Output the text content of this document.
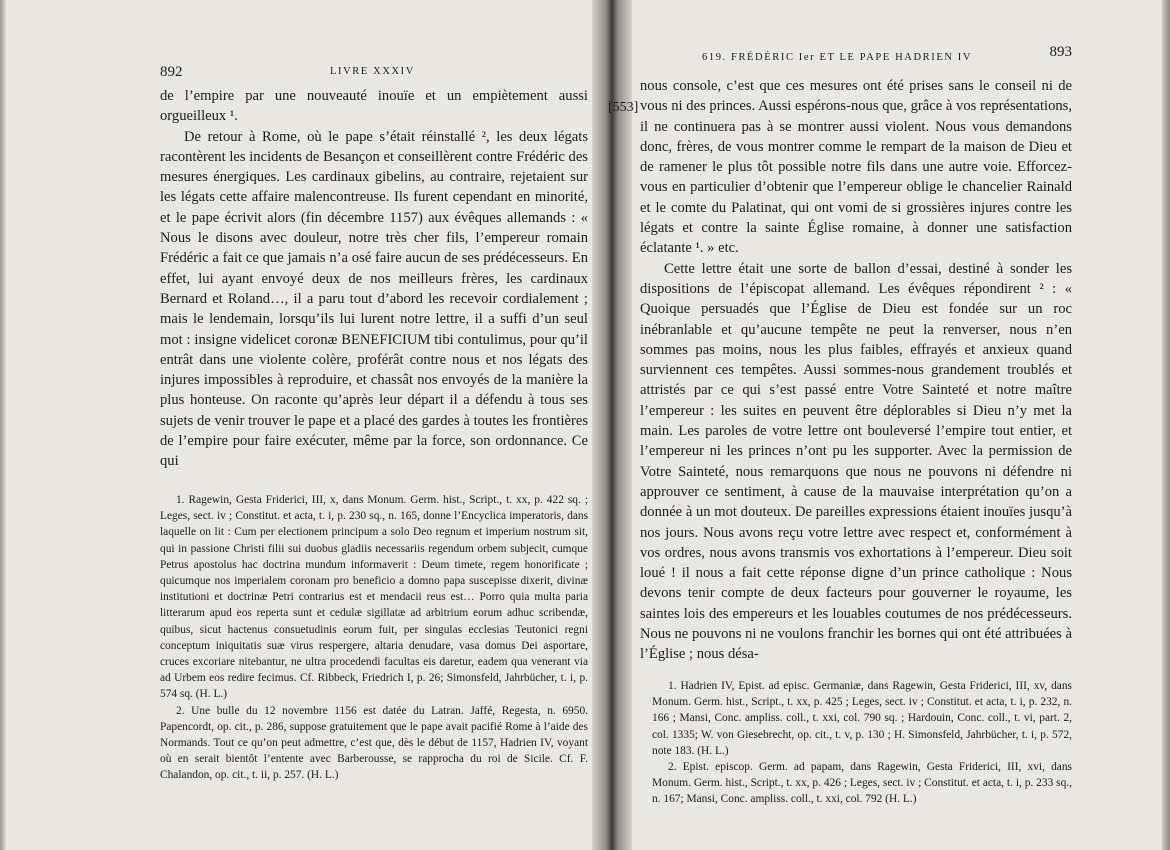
892	LIVRE XXXIV

de l’empire par une nouveauté inouïe et un empiètement aussi orgueilleux ¹.

De retour à Rome, où le pape s’était réinstallé ², les deux légats racontèrent les incidents de Besançon et conseillèrent contre Frédéric des mesures énergiques. Les cardinaux gibelins, au contraire, rejetaient sur les légats cette affaire malencontreuse. Ils furent cependant en minorité, et le pape écrivit alors (fin décembre 1157) aux évêques allemands : « Nous le disons avec douleur, notre très cher fils, l’empereur romain Frédéric a fait ce que jamais n’a osé faire aucun de ses prédécesseurs. En effet, lui ayant envoyé deux de nos meilleurs frères, les cardinaux Bernard et Roland…, il a paru tout d’abord les recevoir cordialement ; mais le lendemain, lorsqu’ils lui lurent notre lettre, il a suffi d’un seul mot : insigne videlicet coronæ BENEFICIUM tibi contulimus, pour qu’il entrât dans une violente colère, proférât contre nous et nos légats des injures impossibles à reproduire, et chassât nos envoyés de la manière la plus honteuse. On raconte qu’après leur départ il a défendu à tous ses sujets de venir trouver le pape et a placé des gardes à toutes les frontières de l’empire pour faire exécuter, même par la force, son ordonnance. Ce qui

1. Ragewin, Gesta Friderici, III, x, dans Monum. Germ. hist., Script., t. xx, p. 422 sq. ; Leges, sect. iv ; Constitut. et acta, t. i, p. 230 sq., n. 165, donne l’Encyclica imperatoris, dans laquelle on lit : Cum per electionem principum a solo Deo regnum et imperium nostrum sit, qui in passione Christi filii sui duobus gladiis necessariis regendum orbem subjecit, cumque Petrus apostolus hac doctrina mundum informaverit : Deum timete, regem honorificate ; quicumque nos imperialem coronam pro beneficio a domno papa suscepisse dixerit, divinæ institutioni et doctrinæ Petri contrarius est et mendacii reus est… Porro quia multa paria litterarum apud eos reperta sunt et cedulæ sigillatæ ad arbitrium eorum adhuc scribendæ, quibus, sicut hactenus consuetudinis eorum fuit, per singulas ecclesias Teutonici regni conceptum iniquitatis suæ virus respergere, altaria denudare, vasa domus Dei asportare, cruces excoriare nitebantur, ne ultra procedendi facultas eis daretur, eadem qua venerant via ad Urbem eos redire fecimus. Cf. Ribbeck, Friedrich I, p. 26; Simonsfeld, Jahrbücher, t. i, p. 574 sq. (H. L.)

2. Une bulle du 12 novembre 1156 est datée du Latran. Jaffé, Regesta, n. 6950. Papencordt, op. cit., p. 286, suppose gratuitement que le pape avait pacifié Rome à l’aide des Normands. Tout ce qu’on peut admettre, c’est que, dès le début de 1157, Hadrien IV, voyant où en serait bientôt l’entente avec Barberousse, se rapprocha du roi de Sicile. Cf. F. Chalandon, op. cit., t. ii, p. 257. (H. L.)

619. FRÉDÉRIC Ier ET LE PAPE HADRIEN IV	893
[553]

nous console, c’est que ces mesures ont été prises sans le conseil ni de vous ni des princes. Aussi espérons-nous que, grâce à vos représentations, il ne continuera pas à se montrer aussi violent. Nous vous demandons donc, frères, de vous montrer comme le rempart de la maison de Dieu et de ramener le plus tôt possible notre fils dans une autre voie. Efforcez-vous en particulier d’obtenir que l’empereur oblige le chancelier Rainald et le comte du Palatinat, qui ont vomi de si grossières injures contre les légats et contre la sainte Église romaine, à donner une satisfaction éclatante ¹. » etc.

Cette lettre était une sorte de ballon d’essai, destiné à sonder les dispositions de l’épiscopat allemand. Les évêques répondirent ² : « Quoique persuadés que l’Église de Dieu est fondée sur un roc inébranlable et qu’aucune tempête ne peut la renverser, nous n’en sommes pas moins, nous les plus faibles, effrayés et anxieux quand surviennent ces tempêtes. Aussi sommes-nous grandement troublés et attristés par ce qui s’est passé entre Votre Sainteté et notre maître l’empereur : les suites en peuvent être déplorables si Dieu n’y met la main. Les paroles de votre lettre ont bouleversé l’empire tout entier, et l’empereur ni les princes n’ont pu les supporter. Avec la permission de Votre Sainteté, nous remarquons que nous ne pouvons ni défendre ni approuver ce sentiment, à cause de la mauvaise interprétation qu’on a donnée à un mot douteux. De pareilles expressions étaient inouïes jusqu’à nos jours. Nous avons reçu votre lettre avec respect et, conformément à vos ordres, nous avons transmis vos exhortations à l’empereur. Dieu soit loué ! il nous a fait cette réponse digne d’un prince catholique : Nous devons tenir compte de deux facteurs pour gouverner le royaume, les saintes lois des empereurs et les louables coutumes de nos prédécesseurs. Nous ne pouvons ni ne voulons franchir les bornes qui ont été attribuées à l’Église ; nous désa-

1. Hadrien IV, Epist. ad episc. Germaniæ, dans Ragewin, Gesta Friderici, III, xv, dans Monum. Germ. hist., Script., t. xx, p. 425 ; Leges, sect. iv ; Constitut. et acta, t. i, p. 232, n. 166 ; Mansi, Conc. ampliss. coll., t. xxi, col. 790 sq. ; Hardouin, Conc. coll., t. vi, part. 2, col. 1335; W. von Giesebrecht, op. cit., t. v, p. 130 ; H. Simonsfeld, Jahrbücher, t. i, p. 572, note 183. (H. L.)

2. Epist. episcop. Germ. ad papam, dans Ragewin, Gesta Friderici, III, xvi, dans Monum. Germ. hist., Script., t. xx, p. 426 ; Leges, sect. iv ; Constitut. et acta, t. i, p. 233 sq., n. 167; Mansi, Conc. ampliss. coll., t. xxi, col. 792 (H. L.)
